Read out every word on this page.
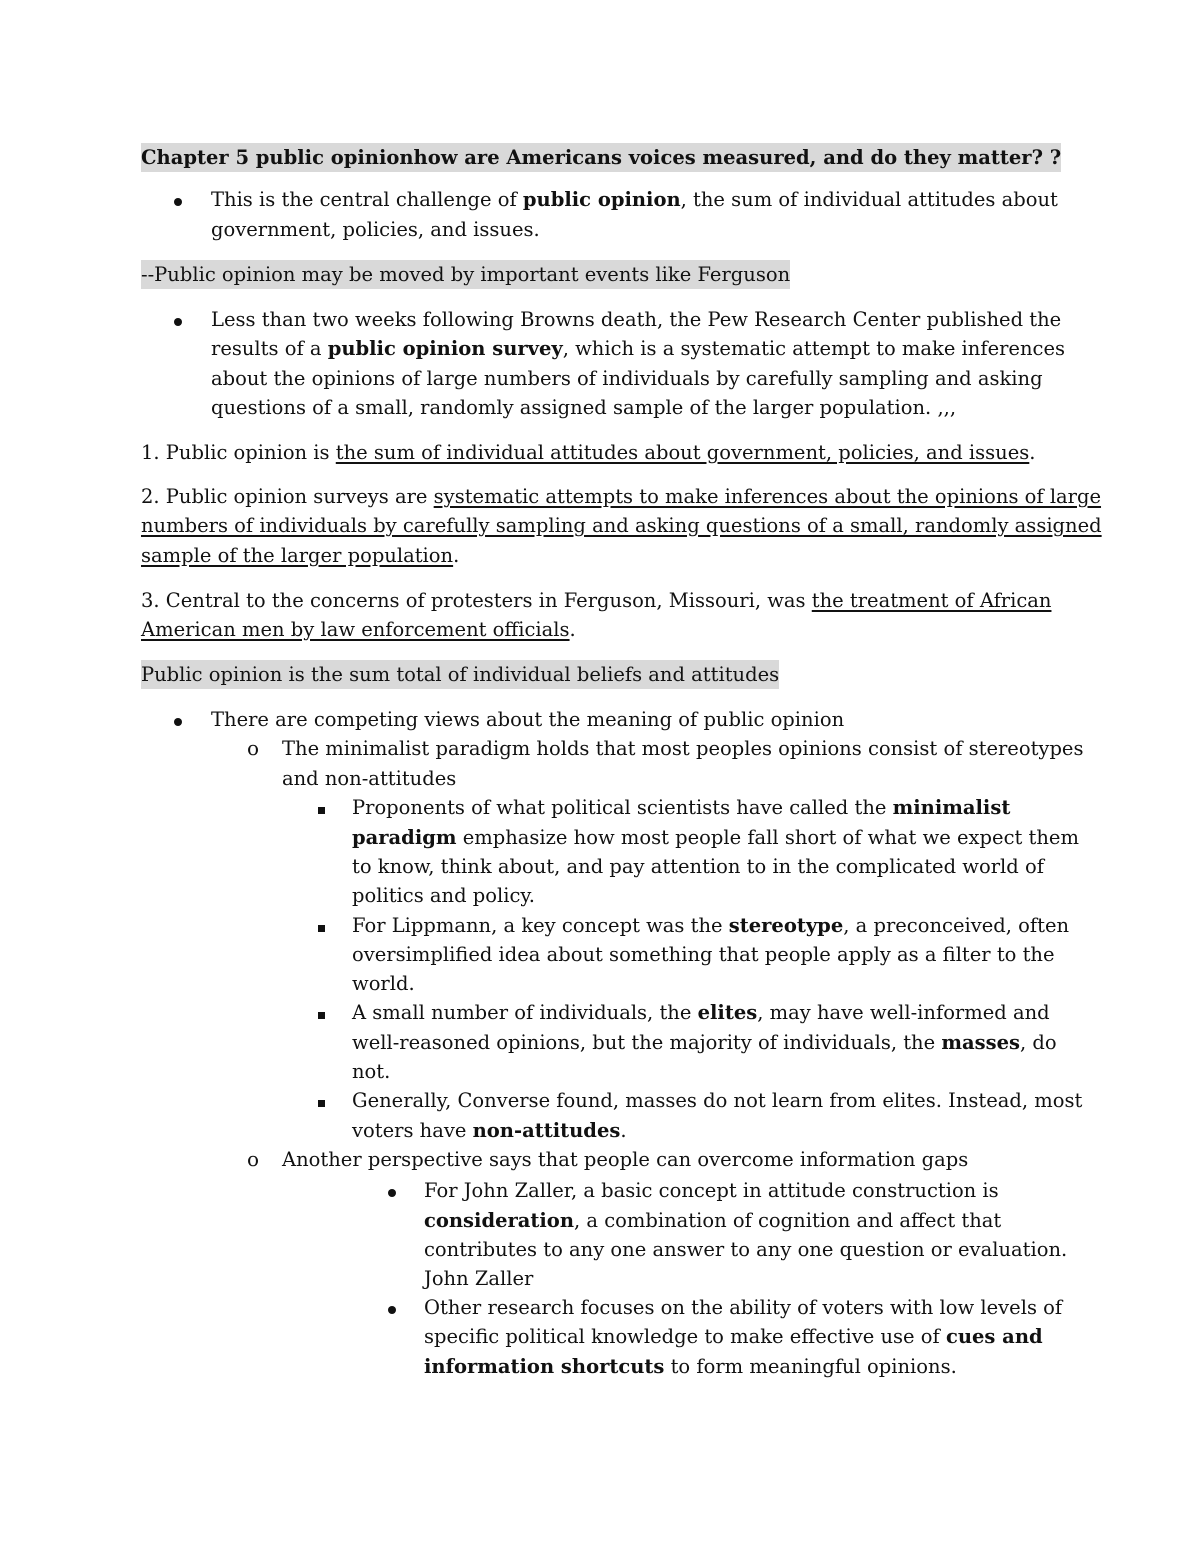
Chapter 5 public opinionhow are Americans voices measured, and do they matter? ?
This is the central challenge of public opinion, the sum of individual attitudes about
government, policies, and issues.
--Public opinion may be moved by important events like Ferguson
Less than two weeks following Browns death, the Pew Research Center published the
results of a public opinion survey, which is a systematic attempt to make inferences
about the opinions of large numbers of individuals by carefully sampling and asking
questions of a small, randomly assigned sample of the larger population. ,,,
1. Public opinion is the sum of individual attitudes about government, policies, and issues.
2. Public opinion surveys are systematic attempts to make inferences about the opinions of large
numbers of individuals by carefully sampling and asking questions of a small, randomly assigned
sample of the larger population.
3. Central to the concerns of protesters in Ferguson, Missouri, was the treatment of African
American men by law enforcement officials.
Public opinion is the sum total of individual beliefs and attitudes
There are competing views about the meaning of public opinion
o The minimalist paradigm holds that most peoples opinions consist of stereotypes
and non-attitudes
Proponents of what political scientists have called the minimalist
paradigm emphasize how most people fall short of what we expect them
to know, think about, and pay attention to in the complicated world of
politics and policy.
For Lippmann, a key concept was the stereotype, a preconceived, often
oversimplified idea about something that people apply as a filter to the
world.
A small number of individuals, the elites, may have well-informed and
well-reasoned opinions, but the majority of individuals, the masses, do
not.
Generally, Converse found, masses do not learn from elites. Instead, most
voters have non-attitudes.
o Another perspective says that people can overcome information gaps
For John Zaller, a basic concept in attitude construction is
consideration, a combination of cognition and affect that
contributes to any one answer to any one question or evaluation.
John Zaller
Other research focuses on the ability of voters with low levels of
specific political knowledge to make effective use of cues and
information shortcuts to form meaningful opinions.
